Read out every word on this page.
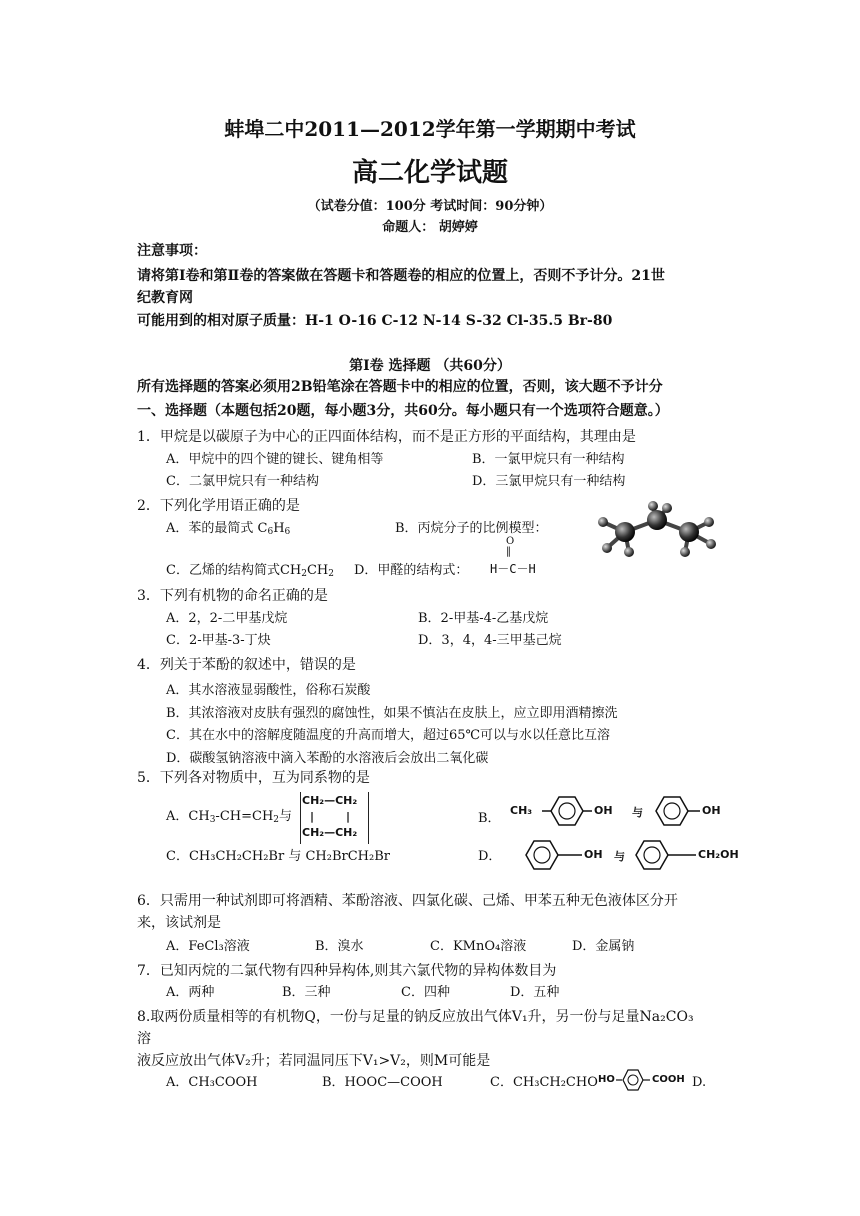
蚌埠二中2011—2012学年第一学期期中考试
高二化学试题
（试卷分值：100分 考试时间：90分钟）
命题人： 胡婷婷
注意事项：
请将第Ⅰ卷和第Ⅱ卷的答案做在答题卡和答题卷的相应的位置上，否则不予计分。21世
纪教育网
可能用到的相对原子质量：H-1 O-16 C-12 N-14 S-32 Cl-35.5 Br-80
第Ⅰ卷 选择题 （共60分）
所有选择题的答案必须用2B铅笔涂在答题卡中的相应的位置，否则，该大题不予计分
一、选择题（本题包括20题，每小题3分，共60分。每小题只有一个选项符合题意。）
1．甲烷是以碳原子为中心的正四面体结构，而不是正方形的平面结构，其理由是
A．甲烷中的四个键的键长、键角相等	B．一氯甲烷只有一种结构
C．二氯甲烷只有一种结构	D．三氯甲烷只有一种结构
2．下列化学用语正确的是
A．苯的最简式 $C_6H_6$	B．丙烷分子的比例模型：
C．乙烯的结构简式$CH_2CH_2$ D．甲醛的结构式：
O
‖
H－C－H
3．下列有机物的命名正确的是
A．2，2-二甲基戊烷	B．2-甲基-4-乙基戊烷
C．2-甲基-3-丁炔	D．3，4，4-三甲基己烷
4．列关于苯酚的叙述中，错误的是
A．其水溶液显弱酸性，俗称石炭酸
B．其浓溶液对皮肤有强烈的腐蚀性，如果不慎沾在皮肤上，应立即用酒精擦洗
C．其在水中的溶解度随温度的升高而增大，超过65℃可以与水以任意比互溶
D．碳酸氢钠溶液中滴入苯酚的水溶液后会放出二氧化碳
5．下列各对物质中，互为同系物的是
A．$CH_3-CH=CH_2$与
CH₂—CH₂
|	|
CH₂—CH₂
B．
CH₃	OH 与	OH
C．CH₃CH₂CH₂Br 与 CH₂BrCH₂Br	D．	OH 与	CH₂OH
6．只需用一种试剂即可将酒精、苯酚溶液、四氯化碳、己烯、甲苯五种无色液体区分开
来，该试剂是
A．FeCl₃溶液	B．溴水	C．KMnO₄溶液	D．金属钠
7．已知丙烷的二氯代物有四种异构体,则其六氯代物的异构体数目为
A．两种	B．三种	C．四种	D．五种
8.取两份质量相等的有机物Q，一份与足量的钠反应放出气体V₁升，另一份与足量Na₂CO₃
溶
液反应放出气体V₂升；若同温同压下V₁>V₂，则M可能是
A．CH₃COOH	B．HOOC—COOH	C．CH₃CH₂CHO HO	COOH D.
